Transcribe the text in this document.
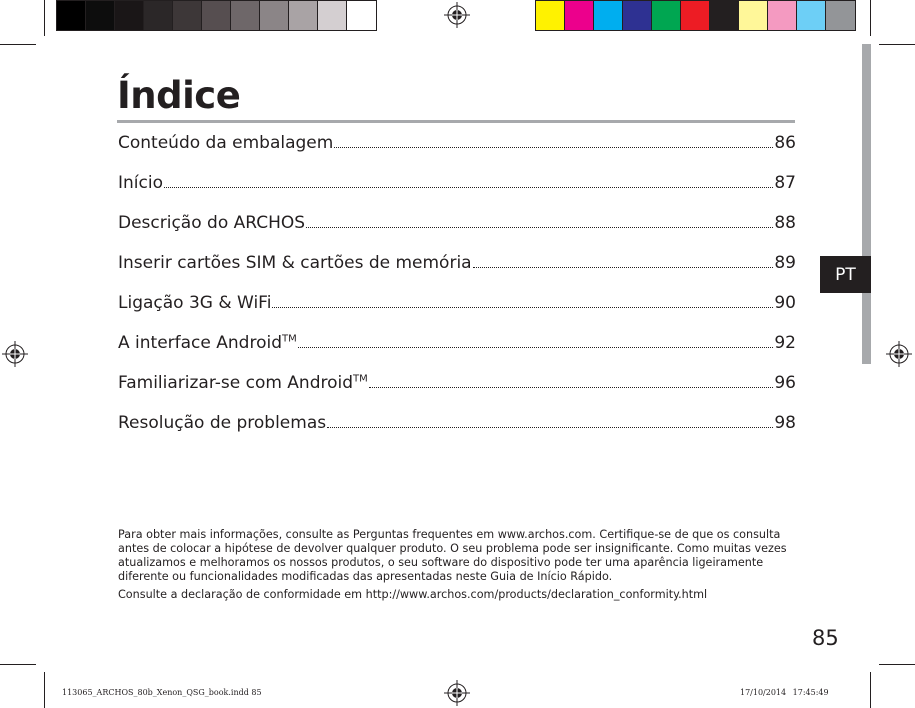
PT
Índice
Conteúdo da embalagem	86
Início	87
Descrição do ARCHOS	88
Inserir cartões SIM & cartões de memória	89
Ligação 3G & WiFi	90
A interface Android™	92
Familiarizar-se com Android™	96
Resolução de problemas	98

Para obter mais informações, consulte as Perguntas frequentes em www.archos.com. Certifique-se de que os consulta antes de colocar a hipótese de devolver qualquer produto. O seu problema pode ser insignificante. Como muitas vezes atualizamos e melhoramos os nossos produtos, o seu software do dispositivo pode ter uma aparência ligeiramente diferente ou funcionalidades modificadas das apresentadas neste Guia de Início Rápido.

Consulte a declaração de conformidade em http://www.archos.com/products/declaration_conformity.html

85
113065_ARCHOS_80b_Xenon_QSG_book.indd 85	17/10/2014 17:45:49
